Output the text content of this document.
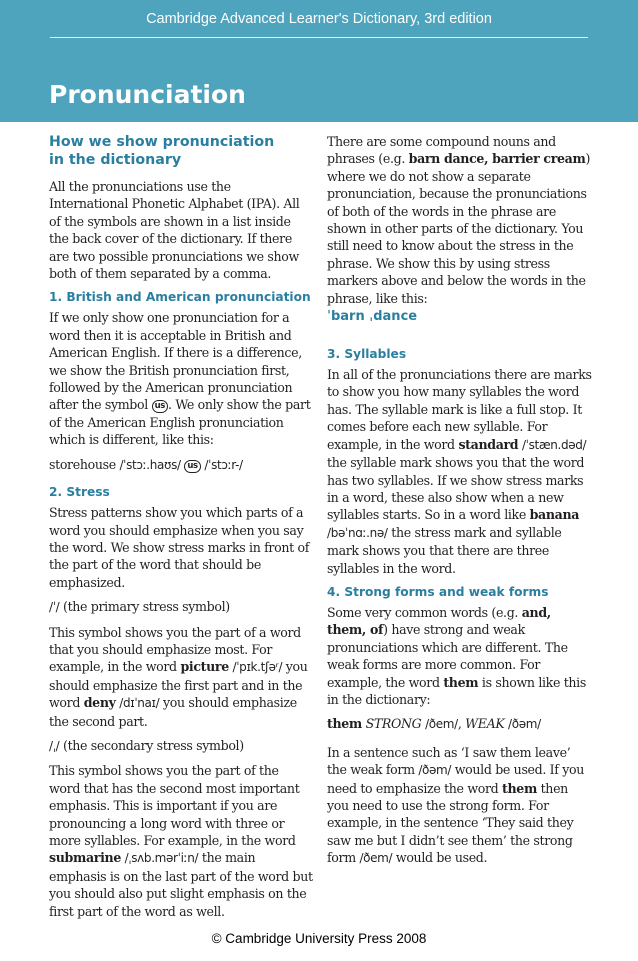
Cambridge Advanced Learner's Dictionary, 3rd edition
Pronunciation
How we show pronunciation
in the dictionary

All the pronunciations use the International Phonetic Alphabet (IPA). All of the symbols are shown in a list inside the back cover of the dictionary. If there are two possible pronunciations we show both of them separated by a comma.

1. British and American pronunciation

If we only show one pronunciation for a word then it is acceptable in British and American English. If there is a difference, we show the British pronunciation first, followed by the American pronunciation after the symbol us . We only show the part of the American English pronunciation which is different, like this:

storehouse /ˈstɔː.haʊs/ us /ˈstɔːr-/
2. Stress

Stress patterns show you which parts of a word you should emphasize when you say the word. We show stress marks in front of the part of the word that should be emphasized.

/ˈ/ (the primary stress symbol)

This symbol shows you the part of a word that you should emphasize most. For example, in the word picture /ˈpɪk.tʃəʳ/ you should emphasize the first part and in the word deny /dɪˈnaɪ/ you should emphasize the second part.

/ˌ/ (the secondary stress symbol)

This symbol shows you the part of the word that has the second most important emphasis. This is important if you are pronouncing a long word with three or more syllables. For example, in the word submarine /ˌsʌb.mərˈiːn/ the main emphasis is on the last part of the word but you should also put slight emphasis on the first part of the word as well.

There are some compound nouns and phrases (e.g. barn dance, barrier cream) where we do not show a separate pronunciation, because the pronunciations of both of the words in the phrase are shown in other parts of the dictionary. You still need to know about the stress in the phrase. We show this by using stress markers above and below the words in the phrase, like this:

ˈbarn ˌdance
3. Syllables

In all of the pronunciations there are marks to show you how many syllables the word has. The syllable mark is like a full stop. It comes before each new syllable. For example, in the word standard /ˈstæn.dəd/ the syllable mark shows you that the word has two syllables. If we show stress marks in a word, these also show when a new syllables starts. So in a word like banana /bəˈnɑː.nə/ the stress mark and syllable mark shows you that there are three syllables in the word.

4. Strong forms and weak forms

Some very common words (e.g. and, them, of) have strong and weak pronunciations which are different. The weak forms are more common. For example, the word them is shown like this in the dictionary:

them STRONG /ðem/, WEAK /ðəm/

In a sentence such as ‘I saw them leave’ the weak form /ðəm/ would be used. If you need to emphasize the word them then you need to use the strong form. For example, in the sentence ‘They said they saw me but I didn’t see them’ the strong form /ðem/ would be used.

© Cambridge University Press 2008
